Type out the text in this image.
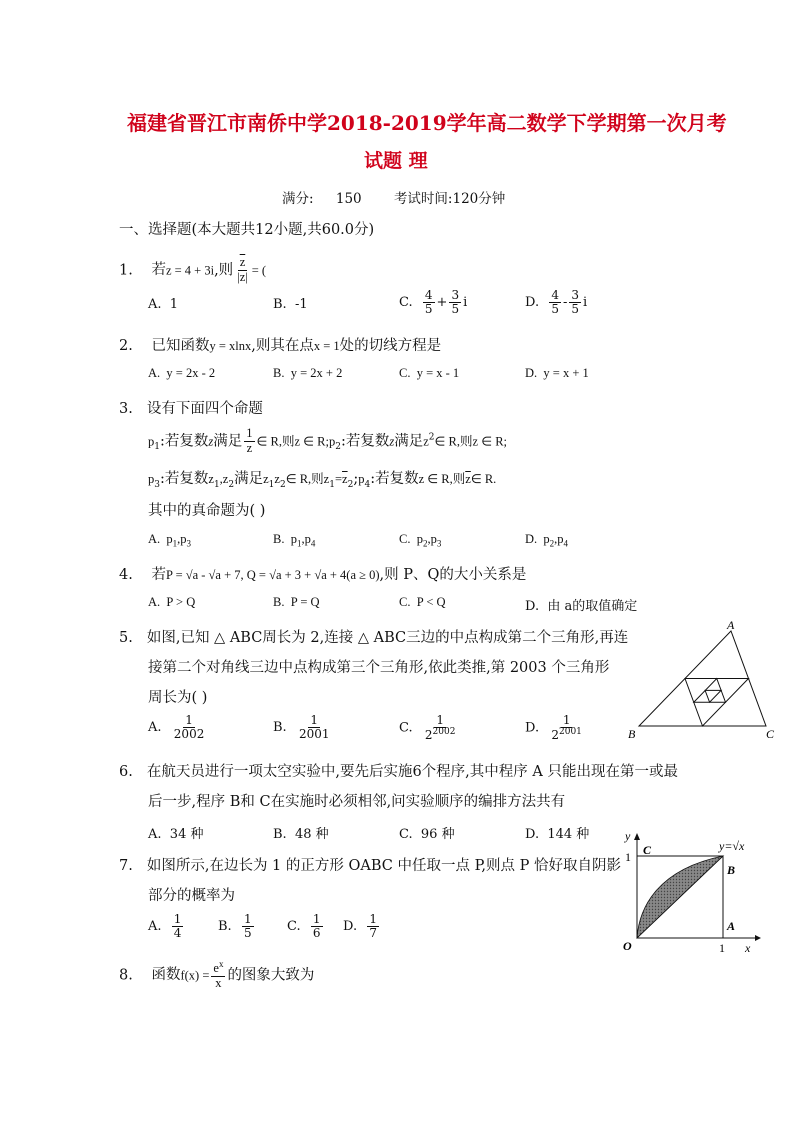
福建省晋江市南侨中学2018-2019学年高二数学下学期第一次月考
试题 理
满分: 150 考试时间:120分钟
一、选择题(本大题共12小题,共60.0分)
1. 若z = 4 + 3i,则 $\frac{\overline{z}}{|z|}$ = (
A. 1	B. -1	C. $\frac{4}{5} + \frac{3}{5}$ i	D. $\frac{4}{5} - \frac{3}{5}$ i
2. 已知函数y = xlnx,则其在点x = 1处的切线方程是
A. y = 2x - 2	B. y = 2x + 2	C. y = x - 1	D. y = x + 1
3. 设有下面四个命题
$p_1$:若复数z满足 $\frac{1}{z}$ ∈ R,则z ∈ $R;p_2$:若复数z满足$z^2\in$ R,则z ∈ R;
$p_3$:若复数$z_1,z_2$满足$z_1z_2\in$ R,则$z_1=\overline{z}_2;p_4$:若复数z ∈ R,则$\overline{z}\in$ R.
其中的真命题为( )
A. $p_1,p_3$	B. $p_1,p_4$	C. $p_2,p_3$	D. $p_2,p_4$
4. 若P = √a - √a + 7, Q = √a + 3 + √a + 4(a ≥ 0),则 P、Q的大小关系是
A. P > Q	B. P = Q	C. P < Q	D. 由 a的取值确定
5. 如图,已知 △ ABC周长为 2,连接 △ ABC三边的中点构成第二个三角形,再连
接第二个对角线三边中点构成第三个三角形,依此类推,第 2003 个三角形
周长为( )
A. $\frac{1}{2002}$	B. $\frac{1}{2001}$	C. $\frac{1}{2^{2002}}$	D. $\frac{1}{2^{2001}}$
A
B	C
6. 在航天员进行一项太空实验中,要先后实施6个程序,其中程序 A 只能出现在第一或最
后一步,程序 B和 C在实施时必须相邻,问实验顺序的编排方法共有
A. 34 种	B. 48 种	C. 96 种	D. 144 种
7. 如图所示,在边长为 1 的正方形 OABC 中任取一点 P,则点 P 恰好取自阴影
部分的概率为
A. $\frac{1}{4}$	B. $\frac{1}{5}$	C. $\frac{1}{6} D$. $\frac{1}{7}$
y
x
O
A
B
C
1
1
y=√x
8. 函数$f(x) = \frac{e^x}{x}$ 的图象大致为
